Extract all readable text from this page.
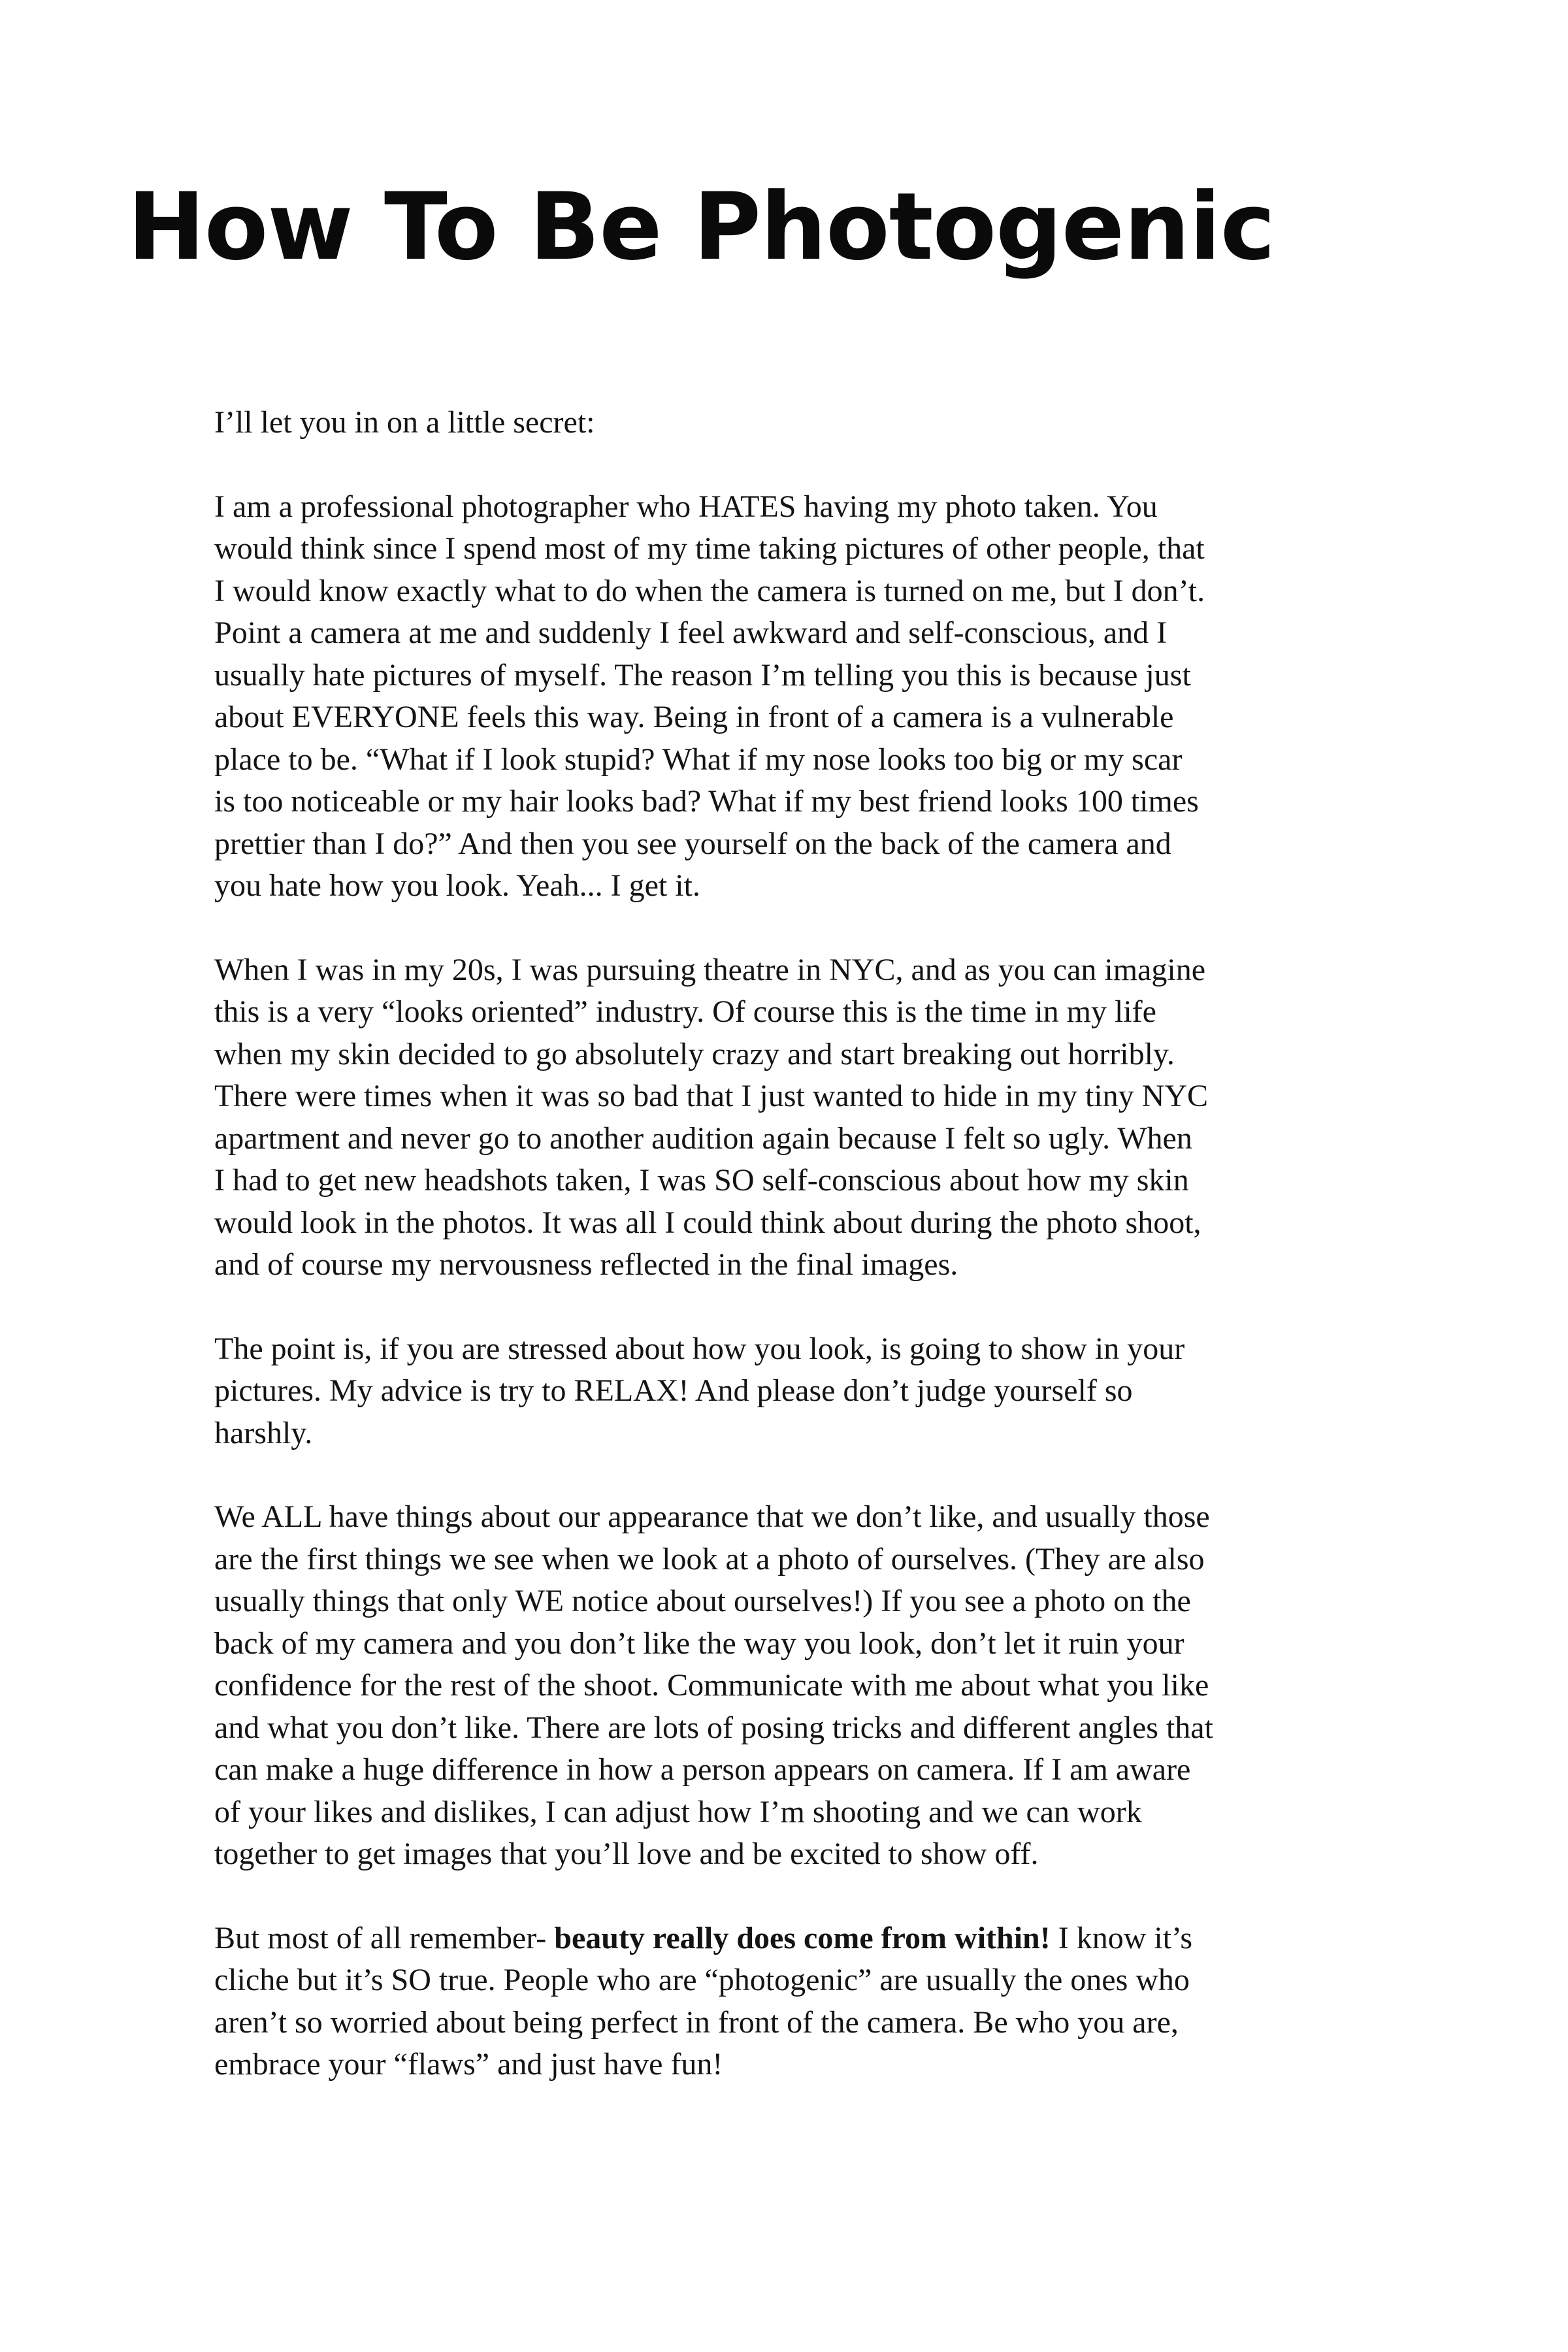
How To Be Photogenic

I’ll let you in on a little secret:

I am a professional photographer who HATES having my photo taken. You
would think since I spend most of my time taking pictures of other people, that
I would know exactly what to do when the camera is turned on me, but I don’t.
Point a camera at me and suddenly I feel awkward and self-conscious, and I
usually hate pictures of myself. The reason I’m telling you this is because just
about EVERYONE feels this way. Being in front of a camera is a vulnerable
place to be. “What if I look stupid? What if my nose looks too big or my scar
is too noticeable or my hair looks bad? What if my best friend looks 100 times
prettier than I do?” And then you see yourself on the back of the camera and
you hate how you look. Yeah... I get it.

When I was in my 20s, I was pursuing theatre in NYC, and as you can imagine
this is a very “looks oriented” industry. Of course this is the time in my life
when my skin decided to go absolutely crazy and start breaking out horribly.
There were times when it was so bad that I just wanted to hide in my tiny NYC
apartment and never go to another audition again because I felt so ugly. When
I had to get new headshots taken, I was SO self-conscious about how my skin
would look in the photos. It was all I could think about during the photo shoot,
and of course my nervousness reflected in the final images.

The point is, if you are stressed about how you look, is going to show in your
pictures. My advice is try to RELAX! And please don’t judge yourself so
harshly.

We ALL have things about our appearance that we don’t like, and usually those
are the first things we see when we look at a photo of ourselves. (They are also
usually things that only WE notice about ourselves!) If you see a photo on the
back of my camera and you don’t like the way you look, don’t let it ruin your
confidence for the rest of the shoot. Communicate with me about what you like
and what you don’t like. There are lots of posing tricks and different angles that
can make a huge difference in how a person appears on camera. If I am aware
of your likes and dislikes, I can adjust how I’m shooting and we can work
together to get images that you’ll love and be excited to show off.

But most of all remember- beauty really does come from within! I know it’s
cliche but it’s SO true. People who are “photogenic” are usually the ones who
aren’t so worried about being perfect in front of the camera. Be who you are,
embrace your “flaws” and just have fun!
